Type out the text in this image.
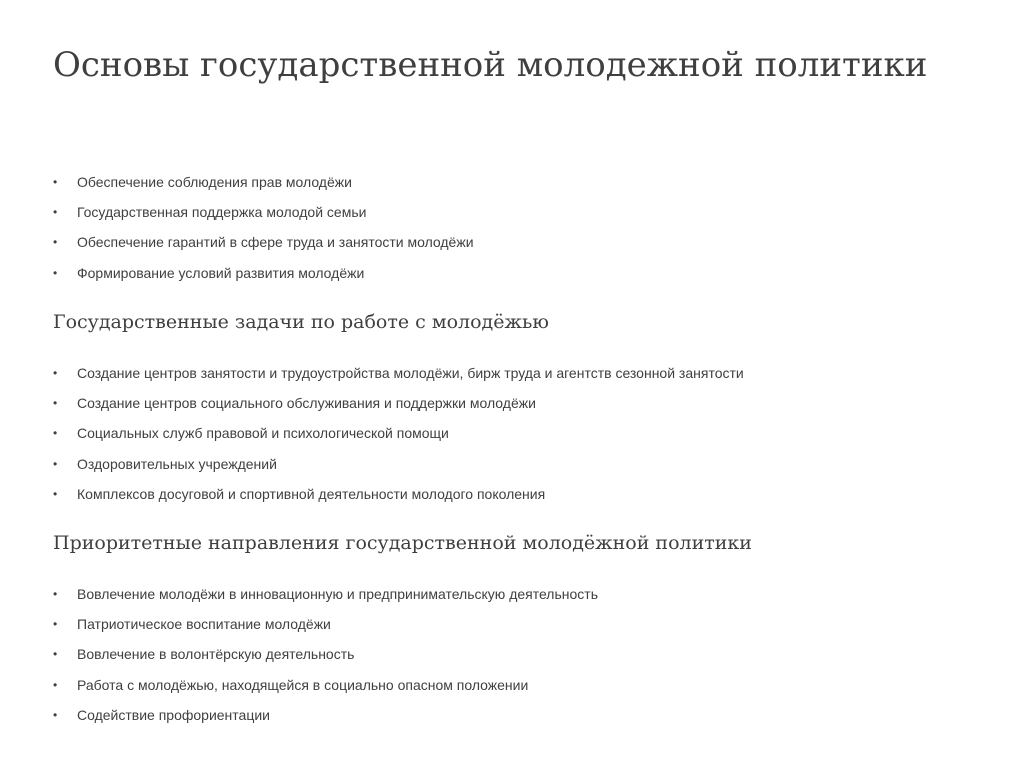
Основы государственной молодежной политики
•	Обеспечение соблюдения прав молодёжи
•	Государственная поддержка молодой семьи
•	Обеспечение гарантий в сфере труда и занятости молодёжи
•	Формирование условий развития молодёжи
Государственные задачи по работе с молодёжью
•	Создание центров занятости и трудоустройства молодёжи, бирж труда и агентств сезонной занятости
•	Создание центров социального обслуживания и поддержки молодёжи
•	Социальных служб правовой и психологической помощи
•	Оздоровительных учреждений
•	Комплексов досуговой и спортивной деятельности молодого поколения
Приоритетные направления государственной молодёжной политики
•	Вовлечение молодёжи в инновационную и предпринимательскую деятельность
•	Патриотическое воспитание молодёжи
•	Вовлечение в волонтёрскую деятельность
•	Работа с молодёжью, находящейся в социально опасном положении
•	Содействие профориентации
